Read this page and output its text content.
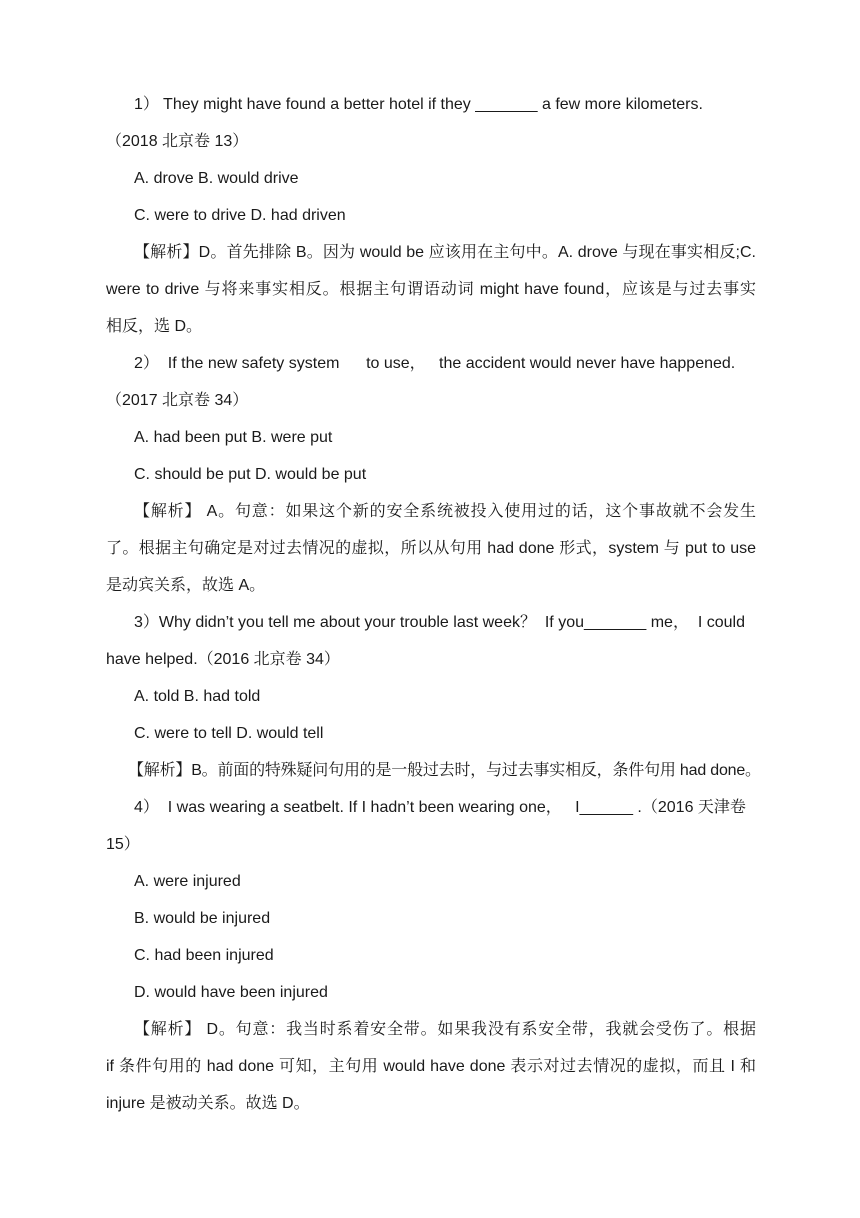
1） They might have found a better hotel if they _______ a few more kilometers.
（2018 北京卷 13）
A. drove B. would drive
C. were to drive D. had driven
【解析】D。首先排除 B。因为 would be 应该用在主句中。A. drove 与现在事实相反;C.
were to drive 与将来事实相反。根据主句谓语动词 might have found，应该是与过去事实
相反，选 D。
2）  If the new safety system      to use，   the accident would never have happened.
（2017 北京卷 34）
A. had been put B. were put
C. should be put D. would be put
【解析】 A。句意：如果这个新的安全系统被投入使用过的话，这个事故就不会发生
了。根据主句确定是对过去情况的虚拟，所以从句用 had done 形式，system 与 put to use
是动宾关系，故选 A。
3）Why didn’t you tell me about your trouble last week？  If you_______ me，  I could
have helped.（2016 北京卷 34）
A. told B. had told
C. were to tell D. would tell
【解析】B。前面的特殊疑问句用的是一般过去时，与过去事实相反，条件句用 had done。
4）  I was wearing a seatbelt. If I hadn’t been wearing one，   I______ .（2016 天津卷
15）
A. were injured
B. would be injured
C. had been injured
D. would have been injured
【解析】 D。句意：我当时系着安全带。如果我没有系安全带，我就会受伤了。根据
if 条件句用的 had done 可知，主句用 would have done 表示对过去情况的虚拟，而且 I 和
injure 是被动关系。故选 D。
